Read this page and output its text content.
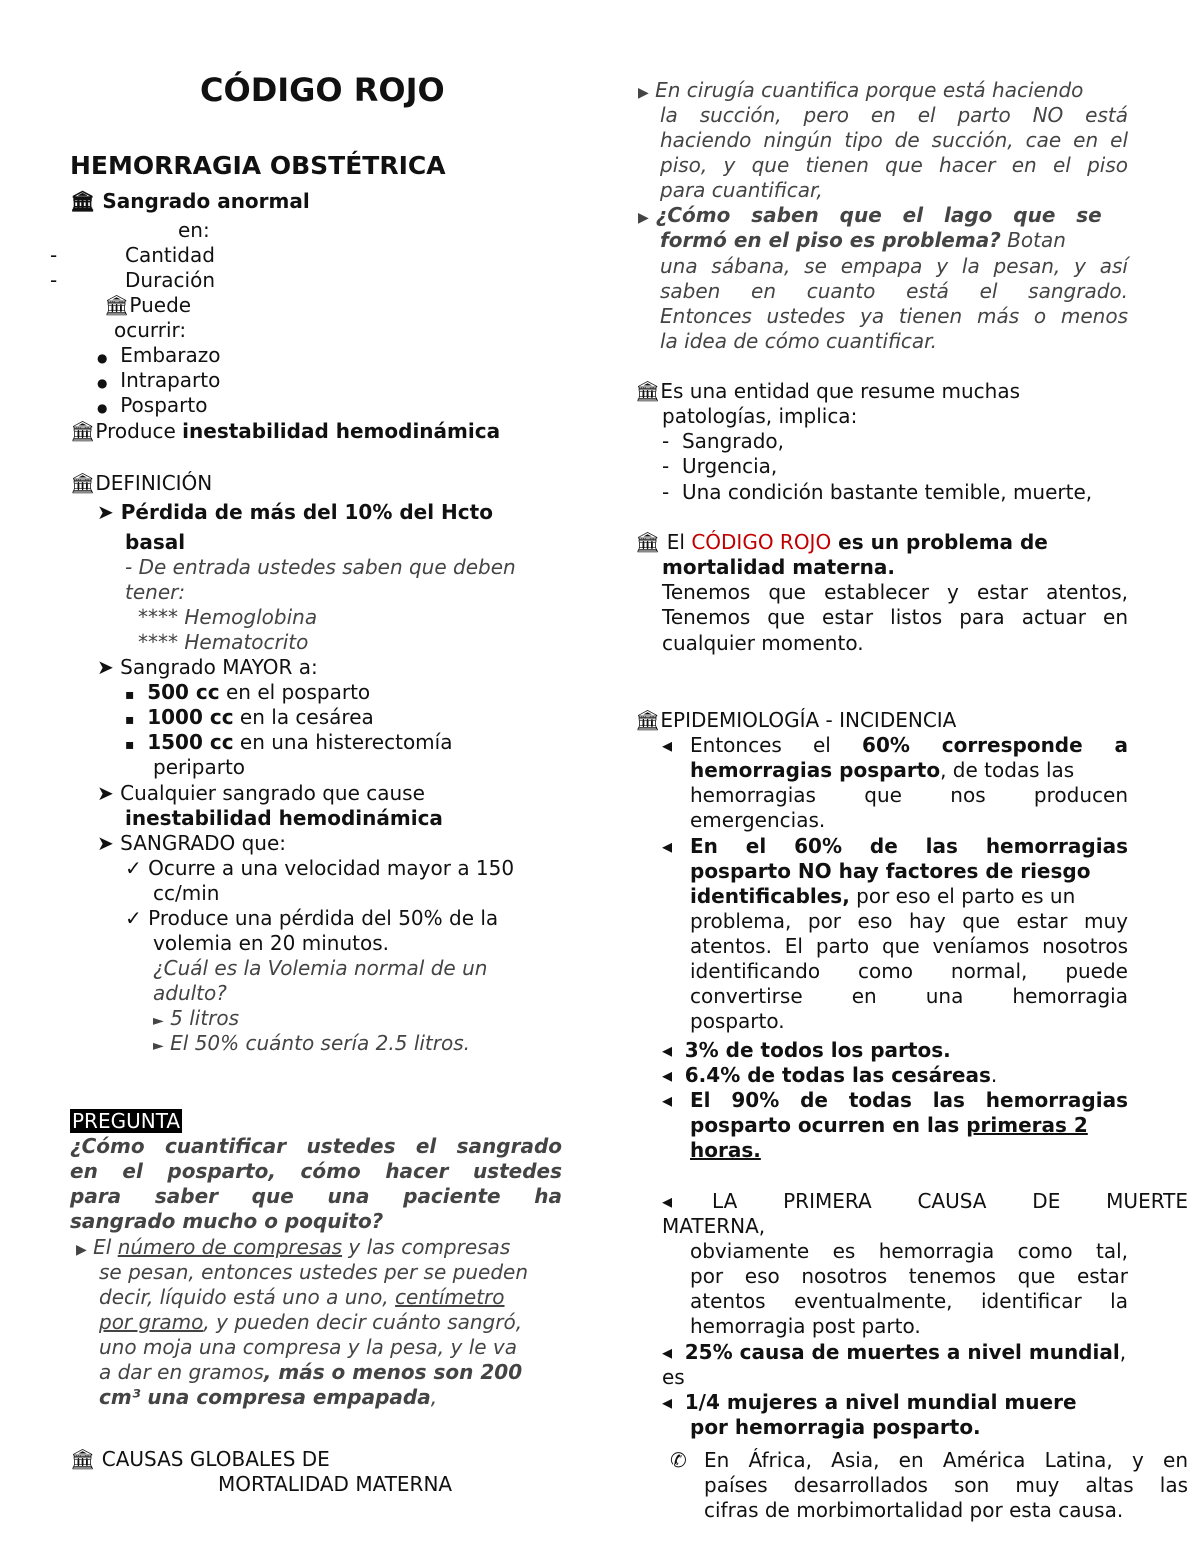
CÓDIGO ROJO
HEMORRAGIA OBSTÉTRICA
🏛 Sangrado anormal
en:
-	Cantidad
-	Duración
🏛Puede
ocurrir:
● Embarazo
● Intraparto
● Posparto
🏛Produce inestabilidad hemodinámica
🏛DEFINICIÓN
➤ Pérdida de más del 10% del Hcto
basal
- De entrada ustedes saben que deben
tener:
**** Hemoglobina
**** Hematocrito
➤ Sangrado MAYOR a:
▪ 500 cc en el posparto
▪ 1000 cc en la cesárea
▪ 1500 cc en una histerectomía
periparto
➤ Cualquier sangrado que cause
inestabilidad hemodinámica
➤ SANGRADO que:
✓ Ocurre a una velocidad mayor a 150
cc/min
✓ Produce una pérdida del 50% de la
volemia en 20 minutos.
¿Cuál es la Volemia normal de un
adulto?
► 5 litros
► El 50% cuánto sería 2.5 litros.
PREGUNTA
¿Cómo cuantificar ustedes el sangrado
en el posparto, cómo hacer ustedes
para saber que una paciente ha
sangrado mucho o poquito?
▶ El número de compresas y las compresas
se pesan, entonces ustedes per se pueden
decir, líquido está uno a uno, centímetro
por gramo, y pueden decir cuánto sangró,
uno moja una compresa y la pesa, y le va
a dar en gramos, más o menos son 200
cm³ una compresa empapada,
🏛 CAUSAS GLOBALES DE
MORTALIDAD MATERNA
▶ En cirugía cuantifica porque está haciendo
la succión, pero en el parto NO está
haciendo ningún tipo de succión, cae en el
piso, y que tienen que hacer en el piso
para cuantificar,
▶ ¿Cómo saben que el lago que se
formó en el piso es problema? Botan
una sábana, se empapa y la pesan, y así
saben en cuanto está el sangrado.
Entonces ustedes ya tienen más o menos
la idea de cómo cuantificar.
🏛Es una entidad que resume muchas
patologías, implica:
-  Sangrado,
-  Urgencia,
-  Una condición bastante temible, muerte,
🏛 El CÓDIGO ROJO es un problema de
mortalidad materna.
Tenemos que establecer y estar atentos,
Tenemos que estar listos para actuar en
cualquier momento.
🏛EPIDEMIOLOGÍA - INCIDENCIA
◂ Entonces el 60% corresponde a
hemorragias posparto, de todas las
hemorragias que nos producen
emergencias.
◂ En el 60% de las hemorragias
posparto NO hay factores de riesgo
identificables, por eso el parto es un
problema, por eso hay que estar muy
atentos. El parto que veníamos nosotros
identificando como normal, puede
convertirse en una hemorragia
posparto.
◂ 3% de todos los partos.
◂ 6.4% de todas las cesáreas.
◂ El 90% de todas las hemorragias
posparto ocurren en las primeras 2
horas.
◂ LA PRIMERA CAUSA DE MUERTE
MATERNA,
obviamente es hemorragia como tal,
por eso nosotros tenemos que estar
atentos eventualmente, identificar la
hemorragia post parto.
◂ 25% causa de muertes a nivel mundial,
es
◂ 1/4 mujeres a nivel mundial muere
por hemorragia posparto.
✆ En África, Asia, en América Latina, y en
países desarrollados son muy altas las
cifras de morbimortalidad por esta causa.
